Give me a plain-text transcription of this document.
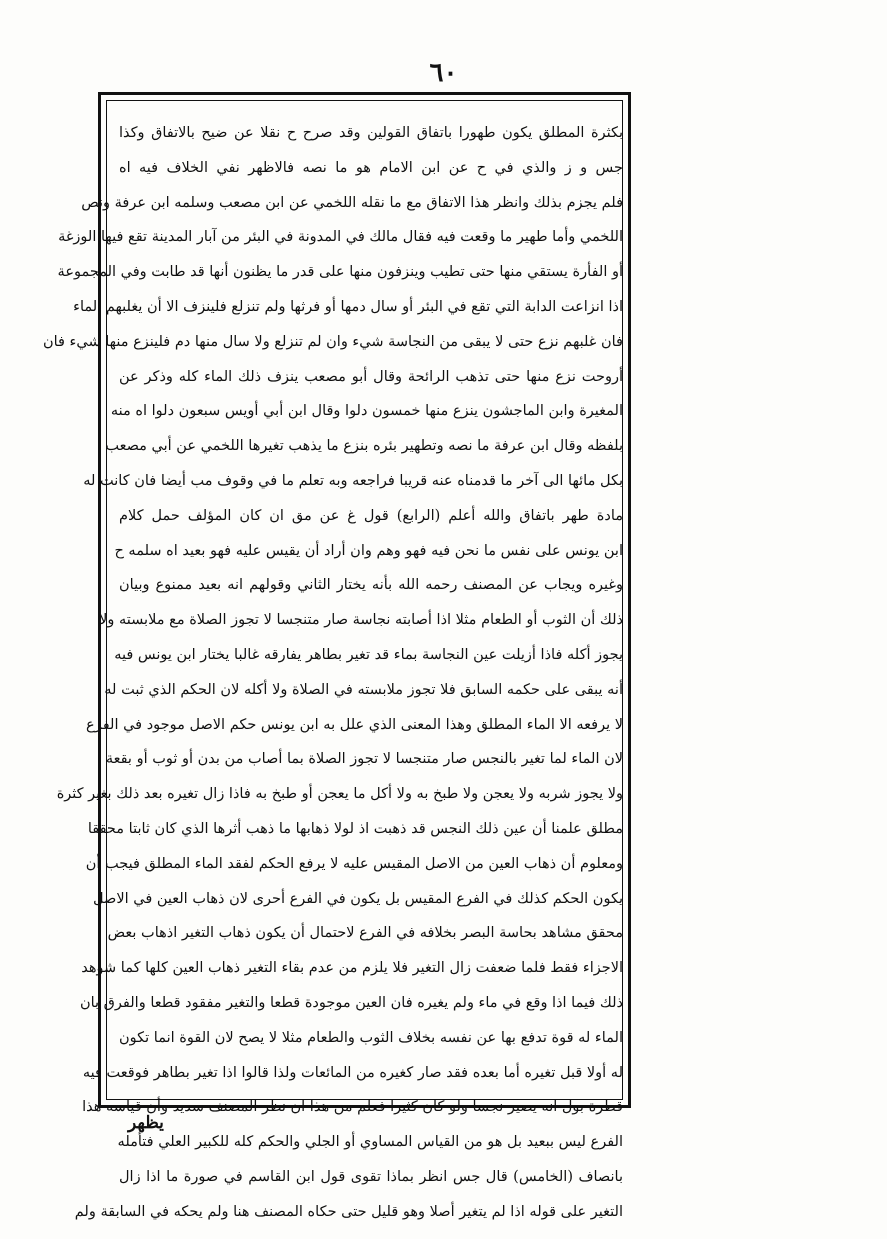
٦٠
بكثرة المطلق يكون طهورا باتفاق القولين وقد صرح ح نقلا عن ضيح بالاتفاق وكذا
جس و ز والذي في ح عن ابن الامام هو ما نصه فالاظهر نفي الخلاف فيه اه
فلم يجزم بذلك وانظر هذا الاتفاق مع ما نقله اللخمي عن ابن مصعب وسلمه ابن عرفة ونص
اللخمي وأما طهير ما وقعت فيه فقال مالك في المدونة في البئر من آبار المدينة تقع فيها الوزغة
أو الفأرة يستقي منها حتى تطيب وينزفون منها على قدر ما يظنون أنها قد طابت وفي المجموعة
اذا انزاعت الدابة التي تقع في البئر أو سال دمها أو فرثها ولم تنزلع فلينزف الا أن يغلبهم الماء
فان غلبهم نزع حتى لا يبقى من النجاسة شيء وان لم تنزلع ولا سال منها دم فلينزع منها شيء فان
أروحت نزع منها حتى تذهب الرائحة وقال أبو مصعب ينزف ذلك الماء كله وذكر عن
المغيرة وابن الماجشون ينزع منها خمسون دلوا وقال ابن أبي أويس سبعون دلوا اه منه
بلفظه وقال ابن عرفة ما نصه وتطهير بئره بنزع ما يذهب تغيرها اللخمي عن أبي مصعب
بكل مائها الى آخر ما قدمناه عنه قريبا فراجعه وبه تعلم ما في وقوف مب أيضا فان كانت له
مادة طهر باتفاق والله أعلم (الرابع) قول غ عن مق ان كان المؤلف حمل كلام
ابن يونس على نفس ما نحن فيه فهو وهم وان أراد أن يقيس عليه فهو بعيد اه سلمه ح
وغيره ويجاب عن المصنف رحمه الله بأنه يختار الثاني وقولهم انه بعيد ممنوع وبيان
ذلك أن الثوب أو الطعام مثلا اذا أصابته نجاسة صار متنجسا لا تجوز الصلاة مع ملابسته ولا
يجوز أكله فاذا أزيلت عين النجاسة بماء قد تغير بطاهر يفارقه غالبا يختار ابن يونس فيه
أنه يبقى على حكمه السابق فلا تجوز ملابسته في الصلاة ولا أكله لان الحكم الذي ثبت له
لا يرفعه الا الماء المطلق وهذا المعنى الذي علل به ابن يونس حكم الاصل موجود في الفرع
لان الماء لما تغير بالنجس صار متنجسا لا تجوز الصلاة بما أصاب من بدن أو ثوب أو بقعة
ولا يجوز شربه ولا يعجن ولا طبخ به ولا أكل ما يعجن أو طبخ به فاذا زال تغيره بعد ذلك بغير كثرة
مطلق علمنا أن عين ذلك النجس قد ذهبت اذ لولا ذهابها ما ذهب أثرها الذي كان ثابتا محققا
ومعلوم أن ذهاب العين من الاصل المقيس عليه لا يرفع الحكم لفقد الماء المطلق فيجب أن
يكون الحكم كذلك في الفرع المقيس بل يكون في الفرع أحرى لان ذهاب العين في الاصل
محقق مشاهد بحاسة البصر بخلافه في الفرع لاحتمال أن يكون ذهاب التغير اذهاب بعض
الاجزاء فقط فلما ضعفت زال التغير فلا يلزم من عدم بقاء التغير ذهاب العين كلها كما شوهد
ذلك فيما اذا وقع في ماء ولم يغيره فان العين موجودة قطعا والتغير مفقود قطعا والفرق بان
الماء له قوة تدفع بها عن نفسه بخلاف الثوب والطعام مثلا لا يصح لان القوة انما تكون
له أولا قبل تغيره أما بعده فقد صار كغيره من المائعات ولذا قالوا اذا تغير بطاهر فوقعت فيه
قطرة بول انه يصير نجسا ولو كان كثيرا فعلم من هذا ان نظر المصنف سديد وأن قياسه هذا
الفرع ليس ببعيد بل هو من القياس المساوي أو الجلي والحكم كله للكبير العلي فتأمله
بانصاف (الخامس) قال جس انظر بماذا تقوى قول ابن القاسم في صورة ما اذا زال
التغير على قوله اذا لم يتغير أصلا وهو قليل حتى حكاه المصنف هنا ولم يحكه في السابقة ولم
يظهر
